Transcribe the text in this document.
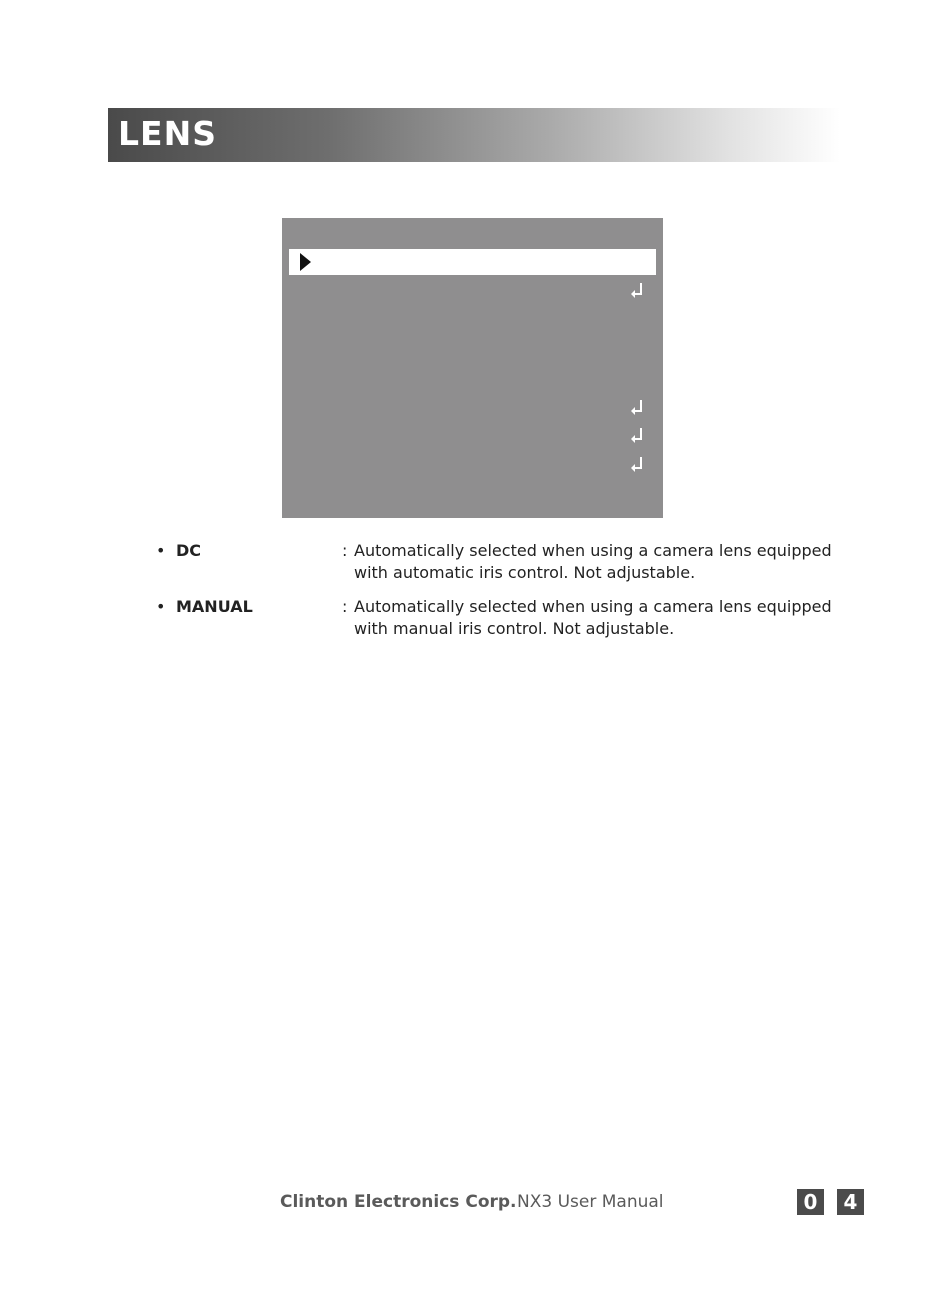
LENS
• DC	: Automatically selected when using a camera lens equipped with automatic iris control. Not adjustable.
• MANUAL	: Automatically selected when using a camera lens equipped with manual iris control. Not adjustable.
Clinton Electronics Corp. NX3 User Manual	0	4
